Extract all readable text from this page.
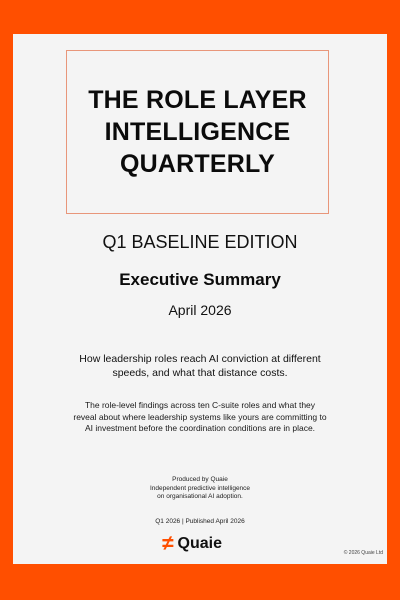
THE ROLE LAYER
INTELLIGENCE
QUARTERLY
Q1 BASELINE EDITION
Executive Summary
April 2026
How leadership roles reach AI conviction at different speeds, and what that distance costs.
The role-level findings across ten C-suite roles and what they reveal about where leadership systems like yours are committing to AI investment before the coordination conditions are in place.
Produced by Quaie
Independent predictive intelligence
on organisational AI adoption.
Q1 2026 | Published April 2026
≠ Quaie
© 2026 Quaie Ltd
